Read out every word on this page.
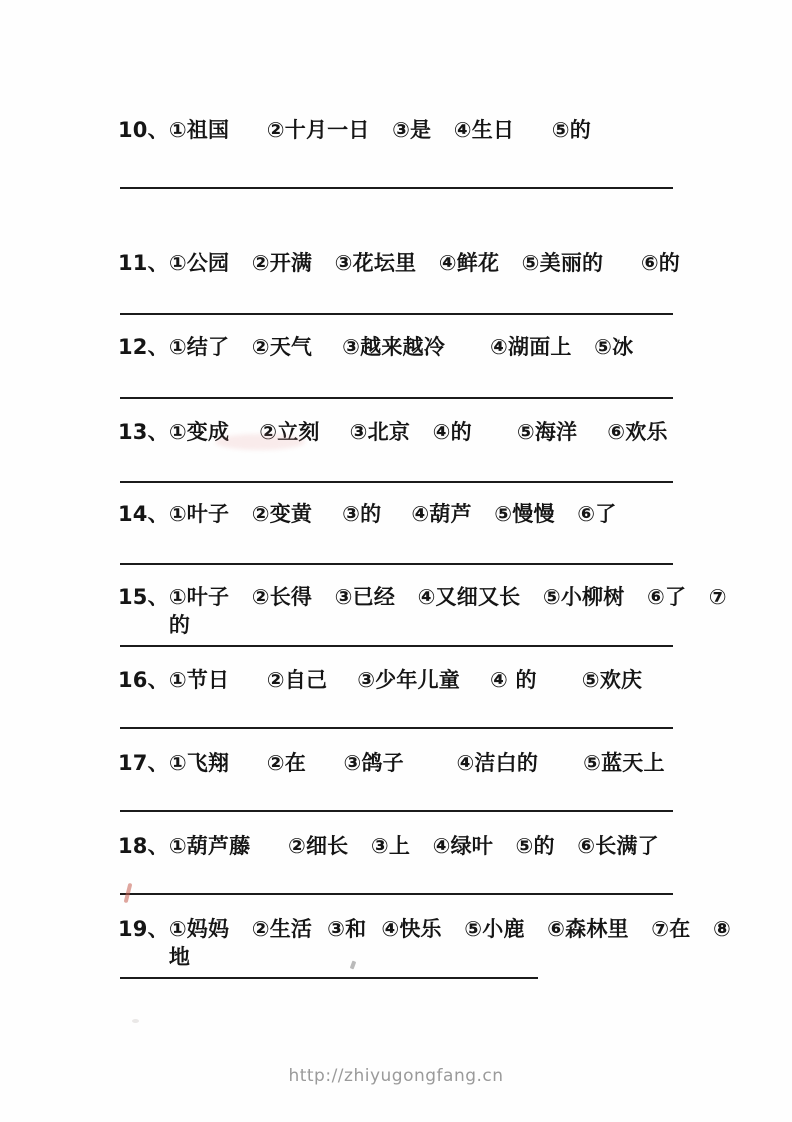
10、 ①祖国     ②十月一日   ③是   ④生日     ⑤的
11、 ①公园   ②开满   ③花坛里   ④鲜花   ⑤美丽的     ⑥的
12、 ①结了   ②天气    ③越来越冷      ④湖面上   ⑤冰
13、 ①变成    ②立刻    ③北京   ④的      ⑤海洋    ⑥欢乐
14、 ①叶子   ②变黄    ③的    ④葫芦   ⑤慢慢   ⑥了
15、 ①叶子   ②长得   ③已经   ④又细又长   ⑤小柳树   ⑥了   ⑦的
16、 ①节日     ②自己    ③少年儿童    ④ 的      ⑤欢庆
17、 ①飞翔     ②在     ③鸽子       ④洁白的      ⑤蓝天上
18、 ①葫芦藤     ②细长   ③上   ④绿叶   ⑤的   ⑥长满了
19、 ①妈妈   ②生活  ③和  ④快乐   ⑤小鹿   ⑥森林里   ⑦在   ⑧地
http://zhiyugongfang.cn
